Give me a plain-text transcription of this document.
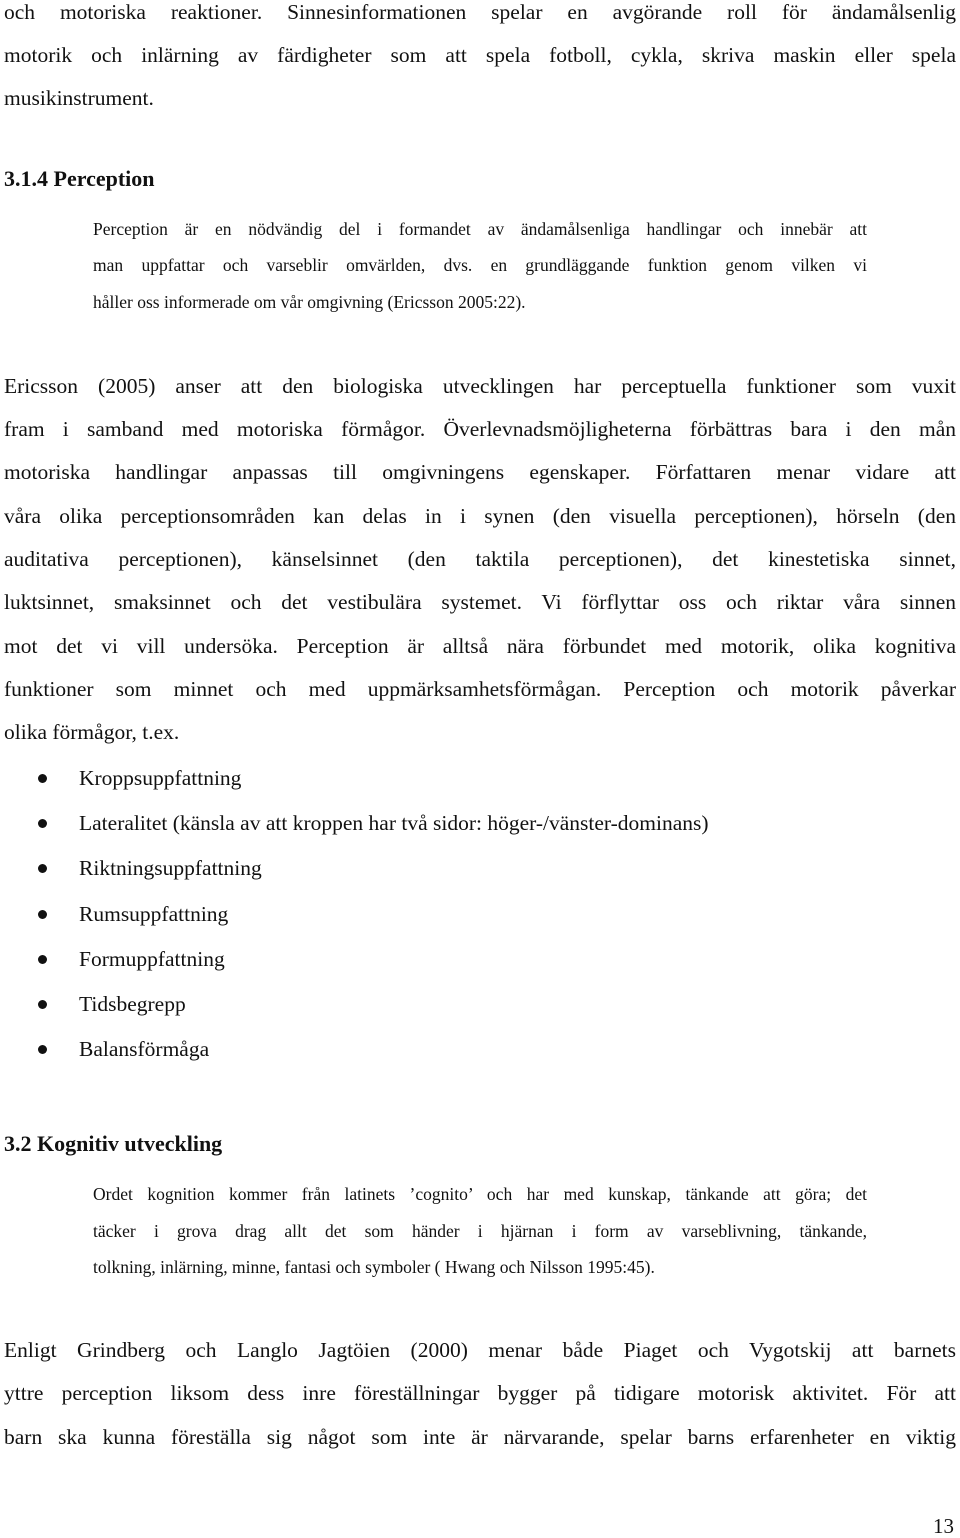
och motoriska reaktioner. Sinnesinformationen spelar en avgörande roll för ändamålsenlig
motorik och inlärning av färdigheter som att spela fotboll, cykla, skriva maskin eller spela
musikinstrument.
3.1.4 Perception
Perception är en nödvändig del i formandet av ändamålsenliga handlingar och innebär att
man uppfattar och varseblir omvärlden, dvs. en grundläggande funktion genom vilken vi
håller oss informerade om vår omgivning (Ericsson 2005:22).
Ericsson (2005) anser att den biologiska utvecklingen har perceptuella funktioner som vuxit
fram i samband med motoriska förmågor. Överlevnadsmöjligheterna förbättras bara i den mån
motoriska handlingar anpassas till omgivningens egenskaper. Författaren menar vidare att
våra olika perceptionsområden kan delas in i synen (den visuella perceptionen), hörseln (den
auditativa perceptionen), känselsinnet (den taktila perceptionen), det kinestetiska sinnet,
luktsinnet, smaksinnet och det vestibulära systemet. Vi förflyttar oss och riktar våra sinnen
mot det vi vill undersöka. Perception är alltså nära förbundet med motorik, olika kognitiva
funktioner som minnet och med uppmärksamhetsförmågan. Perception och motorik påverkar
olika förmågor, t.ex.
Kroppsuppfattning
Lateralitet (känsla av att kroppen har två sidor: höger-/vänster-dominans)
Riktningsuppfattning
Rumsuppfattning
Formuppfattning
Tidsbegrepp
Balansförmåga
3.2 Kognitiv utveckling
Ordet kognition kommer från latinets ’cognito’ och har med kunskap, tänkande att göra; det
täcker i grova drag allt det som händer i hjärnan i form av varseblivning, tänkande,
tolkning, inlärning, minne, fantasi och symboler ( Hwang och Nilsson 1995:45).
Enligt Grindberg och Langlo Jagtöien (2000) menar både Piaget och Vygotskij att barnets
yttre perception liksom dess inre föreställningar bygger på tidigare motorisk aktivitet. För att
barn ska kunna föreställa sig något som inte är närvarande, spelar barns erfarenheter en viktig
13
